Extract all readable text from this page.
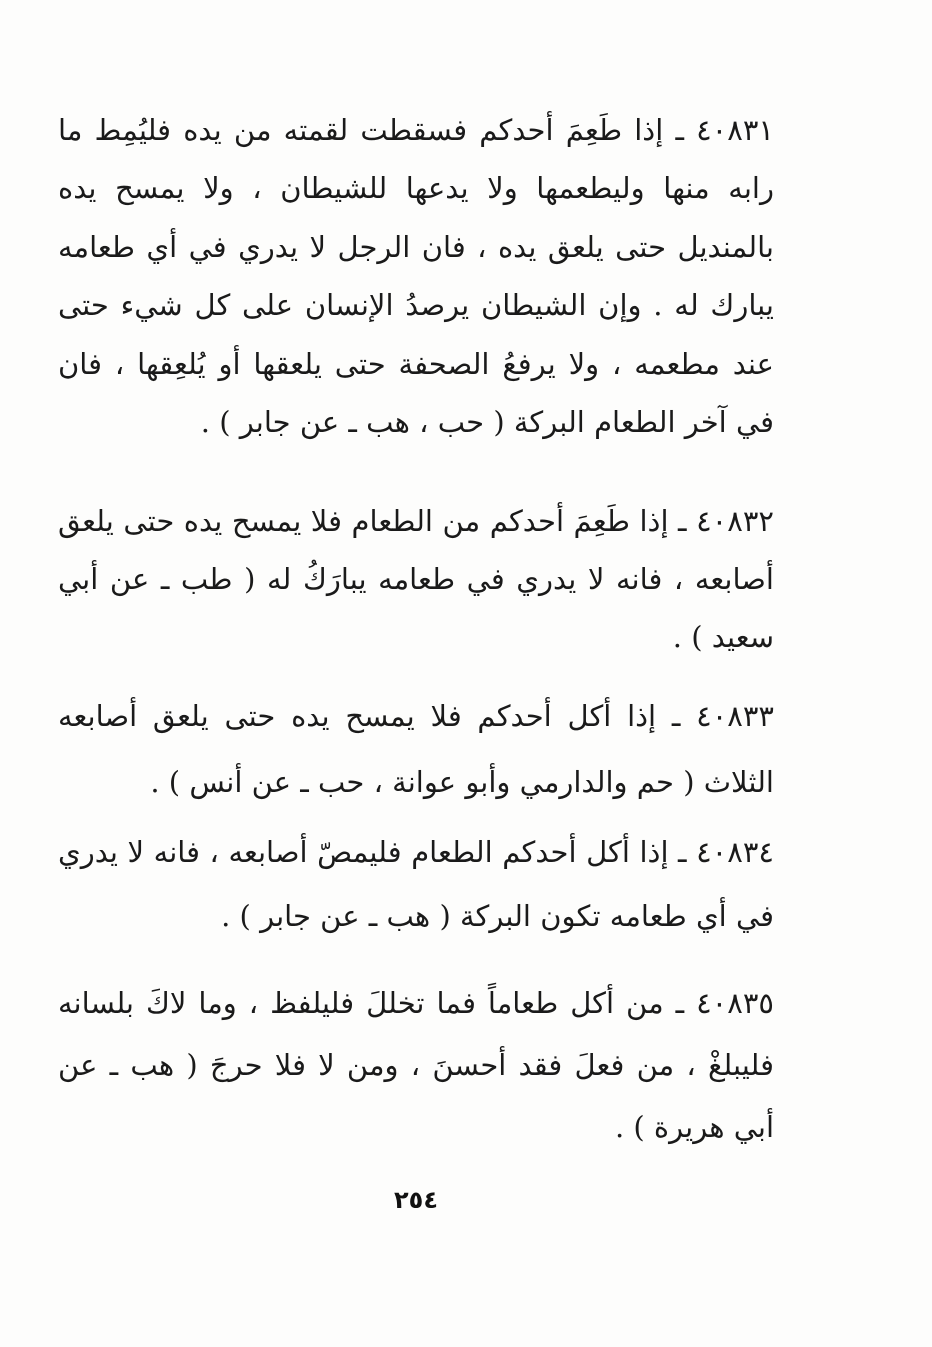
٤٠٨٣١ ـ إذا طَعِمَ أحدكم فسقطت لقمته من يده فليُمِط ما رابه منها وليطعمها ولا يدعها للشيطان ، ولا يمسح يده بالمنديل حتى يلعق يده ، فان الرجل لا يدري في أي طعامه يبارك له . وإن الشيطان يرصدُ الإنسان على كل شيء حتى عند مطعمه ، ولا يرفعُ الصحفة حتى يلعقها أو يُلعِقها ، فان في آخر الطعام البركة ( حب ، هب ـ عن جابر ) .

٤٠٨٣٢ ـ إذا طَعِمَ أحدكم من الطعام فلا يمسح يده حتى يلعق أصابعه ، فانه لا يدري في طعامه يبارَكُ له ( طب ـ عن أبي سعيد ) .

٤٠٨٣٣ ـ إذا أكل أحدكم فلا يمسح يده حتى يلعق أصابعه الثلاث ( حم والدارمي وأبو عوانة ، حب ـ عن أنس ) .

٤٠٨٣٤ ـ إذا أكل أحدكم الطعام فليمصّ أصابعه ، فانه لا يدري في أي طعامه تكون البركة ( هب ـ عن جابر ) .

٤٠٨٣٥ ـ من أكل طعاماً فما تخللَ فليلفظ ، وما لاكَ بلسانه فليبلغْ ، من فعلَ فقد أحسنَ ، ومن لا فلا حرجَ ( هب ـ عن أبي هريرة ) .

٢٥٤
